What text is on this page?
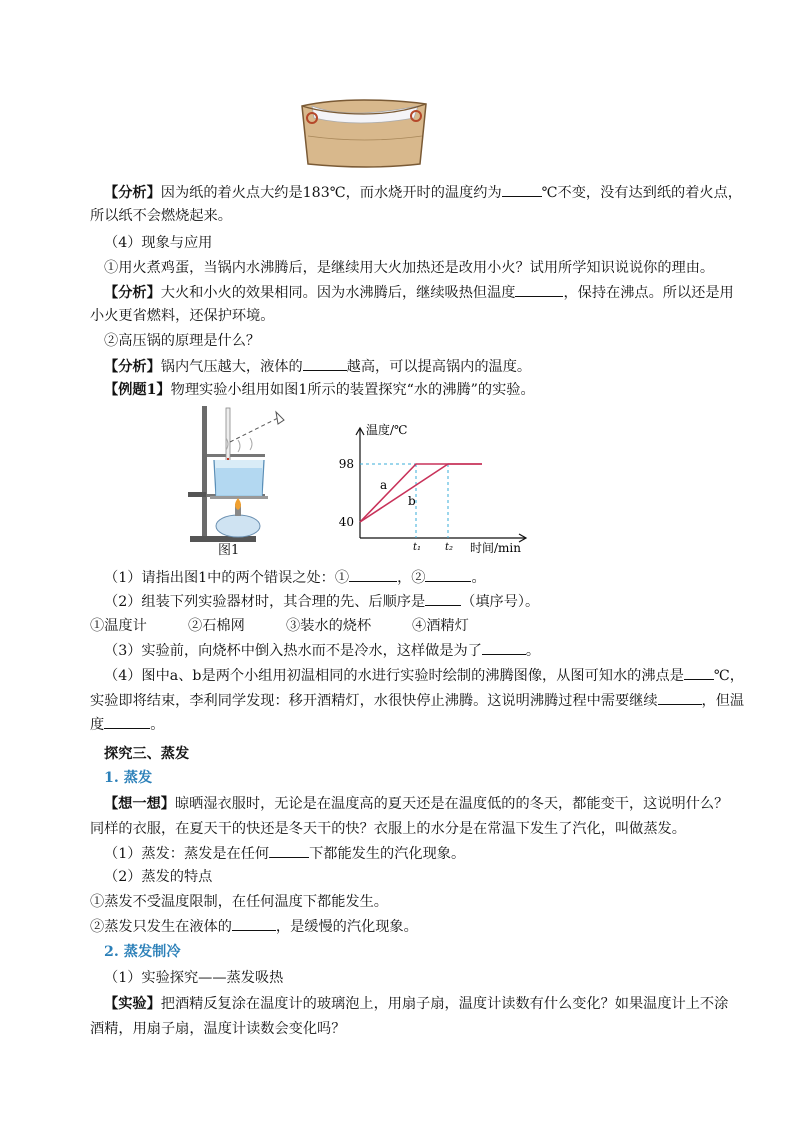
【分析】因为纸的着火点大约是183℃，而水烧开时的温度约为	℃不变，没有达到纸的着火点，
所以纸不会燃烧起来。
（4）现象与应用
①用火煮鸡蛋，当锅内水沸腾后，是继续用大火加热还是改用小火？试用所学知识说说你的理由。
【分析】大火和小火的效果相同。因为水沸腾后，继续吸热但温度	，保持在沸点。所以还是用
小火更省燃料，还保护环境。
②高压锅的原理是什么？
【分析】锅内气压越大，液体的	越高，可以提高锅内的温度。
【例题1】物理实验小组用如图1所示的装置探究“水的沸腾”的实验。
图1
温度/℃
时间/min
40
98
t₁ t₂
a
b
（1）请指出图1中的两个错误之处：①	，②	。
（2）组装下列实验器材时，其合理的先、后顺序是	（填序号）。
①温度计	②石棉网	③装水的烧杯	④酒精灯
（3）实验前，向烧杯中倒入热水而不是冷水，这样做是为了	。
（4）图中a、b是两个小组用初温相同的水进行实验时绘制的沸腾图像，从图可知水的沸点是 ℃，
实验即将结束，李利同学发现：移开酒精灯，水很快停止沸腾。这说明沸腾过程中需要继续	，但温
度	。
探究三、蒸发
1. 蒸发
【想一想】晾晒湿衣服时，无论是在温度高的夏天还是在温度低的的冬天，都能变干，这说明什么？
同样的衣服，在夏天干的快还是冬天干的快？衣服上的水分是在常温下发生了汽化，叫做蒸发。
（1）蒸发：蒸发是在任何	下都能发生的汽化现象。
（2）蒸发的特点
①蒸发不受温度限制，在任何温度下都能发生。
②蒸发只发生在液体的	，是缓慢的汽化现象。
2. 蒸发制冷
（1）实验探究——蒸发吸热
【实验】把酒精反复涂在温度计的玻璃泡上，用扇子扇，温度计读数有什么变化？如果温度计上不涂
酒精，用扇子扇，温度计读数会变化吗？
